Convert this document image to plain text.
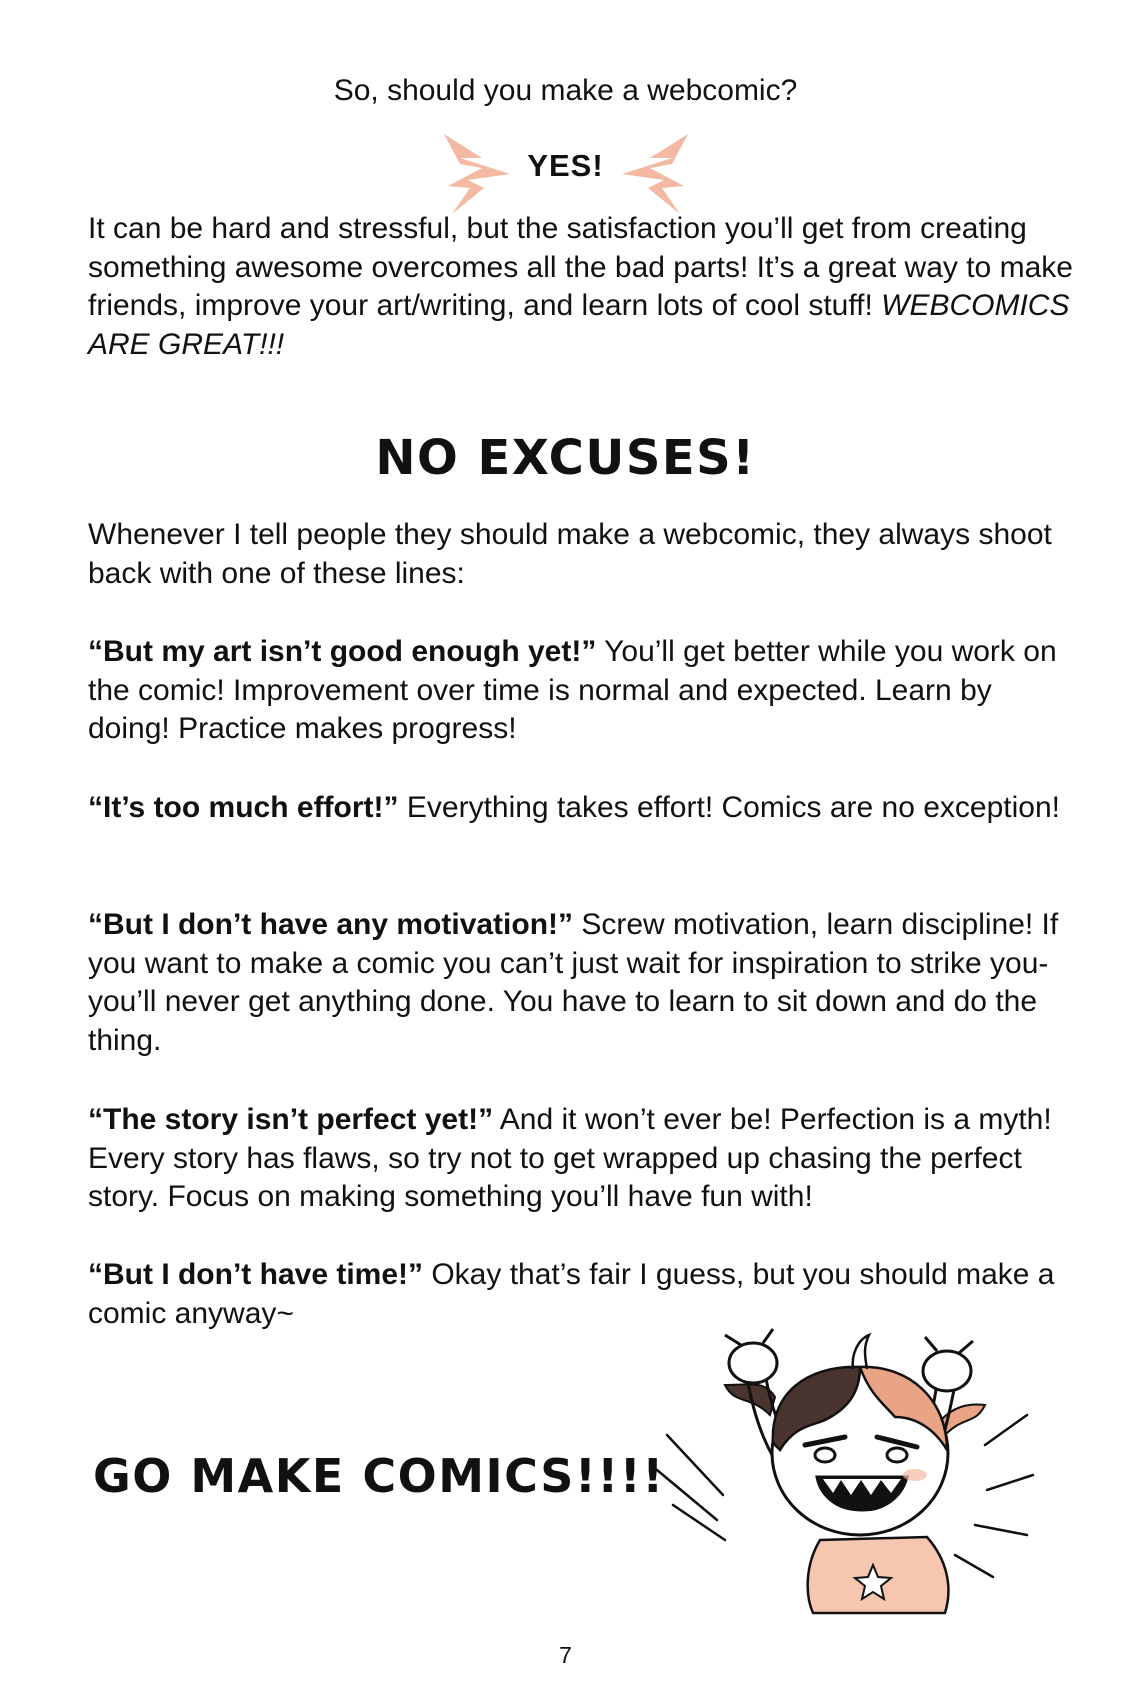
So, should you make a webcomic?
YES!

It can be hard and stressful, but the satisfaction you’ll get from creating something awesome overcomes all the bad parts! It’s a great way to make friends, improve your art/writing, and learn lots of cool stuff! WEBCOMICS ARE GREAT!!!

NO EXCUSES!

Whenever I tell people they should make a webcomic, they always shoot back with one of these lines:

“But my art isn’t good enough yet!” You’ll get better while you work on the comic! Improvement over time is normal and expected. Learn by doing! Practice makes progress!

“It’s too much effort!” Everything takes effort! Comics are no exception!

“But I don’t have any motivation!” Screw motivation, learn discipline! If you want to make a comic you can’t just wait for inspiration to strike you- you’ll never get anything done. You have to learn to sit down and do the thing.

“The story isn’t perfect yet!” And it won’t ever be! Perfection is a myth! Every story has flaws, so try not to get wrapped up chasing the perfect story. Focus on making something you’ll have fun with!

“But I don’t have time!” Okay that’s fair I guess, but you should make a comic anyway~

GO MAKE COMICS!!!!
7
